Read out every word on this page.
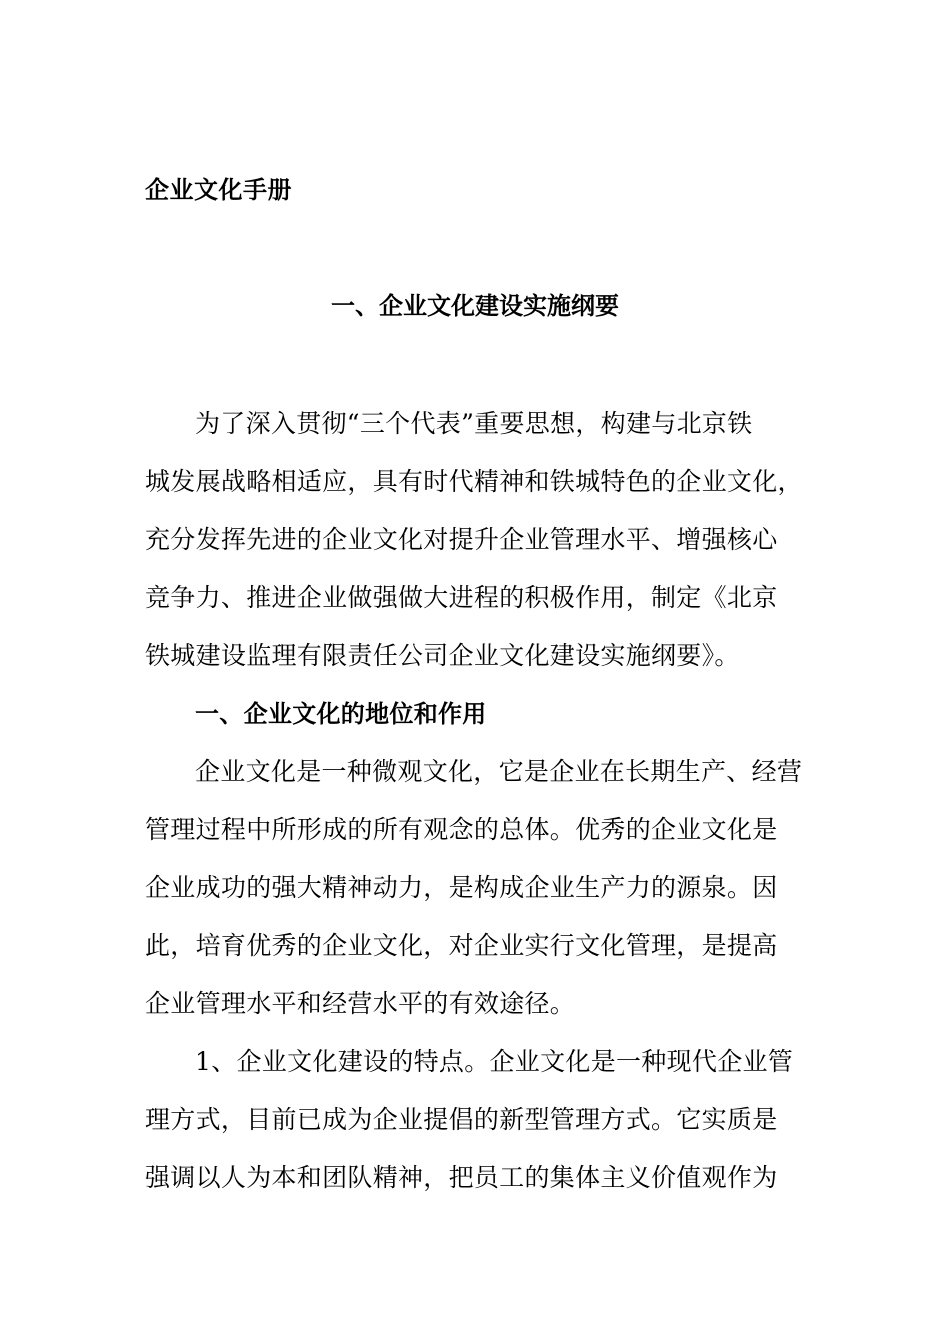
企业文化手册
一、企业文化建设实施纲要
为了深入贯彻“三个代表”重要思想，构建与北京铁
城发展战略相适应，具有时代精神和铁城特色的企业文化，
充分发挥先进的企业文化对提升企业管理水平、增强核心
竞争力、推进企业做强做大进程的积极作用，制定《北京
铁城建设监理有限责任公司企业文化建设实施纲要》。
一、企业文化的地位和作用
企业文化是一种微观文化，它是企业在长期生产、经营
管理过程中所形成的所有观念的总体。优秀的企业文化是
企业成功的强大精神动力，是构成企业生产力的源泉。因
此，培育优秀的企业文化，对企业实行文化管理，是提高
企业管理水平和经营水平的有效途径。
1、企业文化建设的特点。企业文化是一种现代企业管
理方式，目前已成为企业提倡的新型管理方式。它实质是
强调以人为本和团队精神，把员工的集体主义价值观作为
